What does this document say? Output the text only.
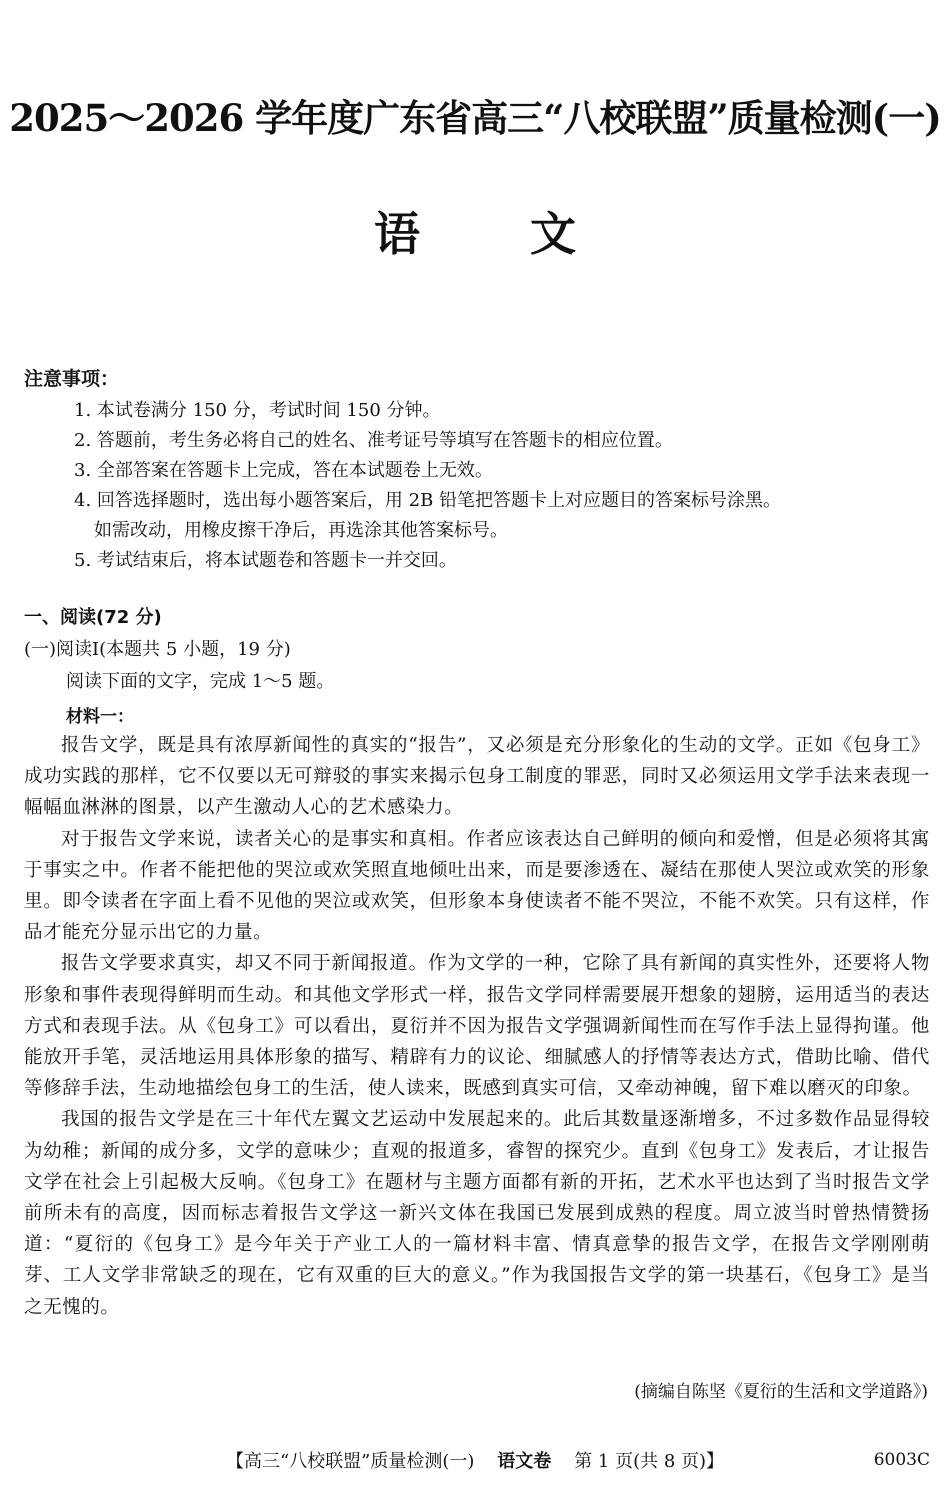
2025～2026 学年度广东省高三“八校联盟”质量检测(一)
语文
注意事项：
1. 本试卷满分 150 分，考试时间 150 分钟。
2. 答题前，考生务必将自己的姓名、准考证号等填写在答题卡的相应位置。
3. 全部答案在答题卡上完成，答在本试题卷上无效。
4. 回答选择题时，选出每小题答案后，用 2B 铅笔把答题卡上对应题目的答案标号涂黑。
如需改动，用橡皮擦干净后，再选涂其他答案标号。
5. 考试结束后，将本试题卷和答题卡一并交回。
一、阅读(72 分)
(一)阅读Ⅰ(本题共 5 小题，19 分)
阅读下面的文字，完成 1～5 题。
材料一：

报告文学，既是具有浓厚新闻性的真实的“报告”，又必须是充分形象化的生动的文学。正如《包身工》成功实践的那样，它不仅要以无可辩驳的事实来揭示包身工制度的罪恶，同时又必须运用文学手法来表现一幅幅血淋淋的图景，以产生激动人心的艺术感染力。

对于报告文学来说，读者关心的是事实和真相。作者应该表达自己鲜明的倾向和爱憎，但是必须将其寓于事实之中。作者不能把他的哭泣或欢笑照直地倾吐出来，而是要渗透在、凝结在那使人哭泣或欢笑的形象里。即令读者在字面上看不见他的哭泣或欢笑，但形象本身使读者不能不哭泣，不能不欢笑。只有这样，作品才能充分显示出它的力量。

报告文学要求真实，却又不同于新闻报道。作为文学的一种，它除了具有新闻的真实性外，还要将人物形象和事件表现得鲜明而生动。和其他文学形式一样，报告文学同样需要展开想象的翅膀，运用适当的表达方式和表现手法。从《包身工》可以看出，夏衍并不因为报告文学强调新闻性而在写作手法上显得拘谨。他能放开手笔，灵活地运用具体形象的描写、精辟有力的议论、细腻感人的抒情等表达方式，借助比喻、借代等修辞手法，生动地描绘包身工的生活，使人读来，既感到真实可信，又牵动神魄，留下难以磨灭的印象。

我国的报告文学是在三十年代左翼文艺运动中发展起来的。此后其数量逐渐增多，不过多数作品显得较为幼稚；新闻的成分多，文学的意味少；直观的报道多，睿智的探究少。直到《包身工》发表后，才让报告文学在社会上引起极大反响。《包身工》在题材与主题方面都有新的开拓，艺术水平也达到了当时报告文学前所未有的高度，因而标志着报告文学这一新兴文体在我国已发展到成熟的程度。周立波当时曾热情赞扬道：“夏衍的《包身工》是今年关于产业工人的一篇材料丰富、情真意挚的报告文学，在报告文学刚刚萌芽、工人文学非常缺乏的现在，它有双重的巨大的意义。”作为我国报告文学的第一块基石，《包身工》是当之无愧的。

(摘编自陈坚《夏衍的生活和文学道路》)
【高三“八校联盟”质量检测(一) 语文卷 第 1 页(共 8 页)】	6003C
